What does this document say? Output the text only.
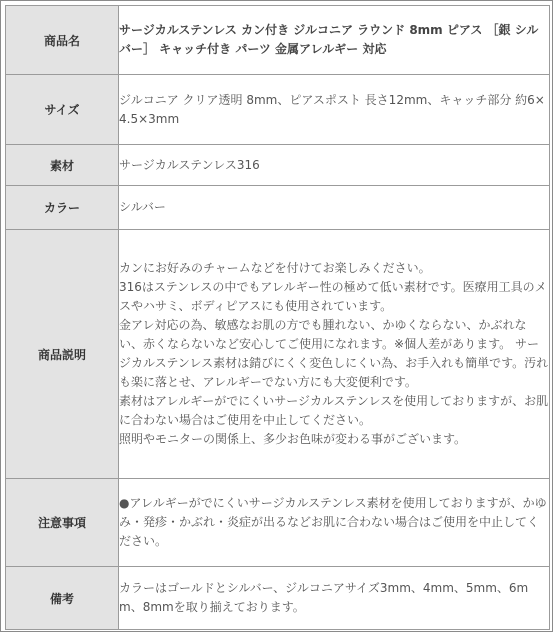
商品名	サージカルステンレス カン付き ジルコニア ラウンド 8mm ピアス ［銀 シルバー］ キャッチ付き パーツ 金属アレルギー 対応
サイズ	ジルコニア クリア透明 8mm、ピアスポスト 長さ12mm、キャッチ部分 約6×4.5×3mm
素材	サージカルステンレス316
カラー	シルバー
商品説明	カンにお好みのチャームなどを付けてお楽しみください。
316はステンレスの中でもアレルギー性の極めて低い素材です。医療用工具のメスやハサミ、ボディピアスにも使用されています。
金アレ対応の為、敏感なお肌の方でも腫れない、かゆくならない、かぶれない、赤くならないなど安心してご使用になれます。※個人差があります。 サージカルステンレス素材は錆びにくく変色しにくい為、お手入れも簡単です。汚れも楽に落とせ、アレルギーでない方にも大変便利です。
素材はアレルギーがでにくいサージカルステンレスを使用しておりますが、お肌に合わない場合はご使用を中止してください。
照明やモニターの関係上、多少お色味が変わる事がございます。

注意事項	●アレルギーがでにくいサージカルステンレス素材を使用しておりますが、かゆみ・発疹・かぶれ・炎症が出るなどお肌に合わない場合はご使用を中止してください。
備考	カラーはゴールドとシルバー、ジルコニアサイズ3mm、4mm、5mm、6mm、8mmを取り揃えております。
